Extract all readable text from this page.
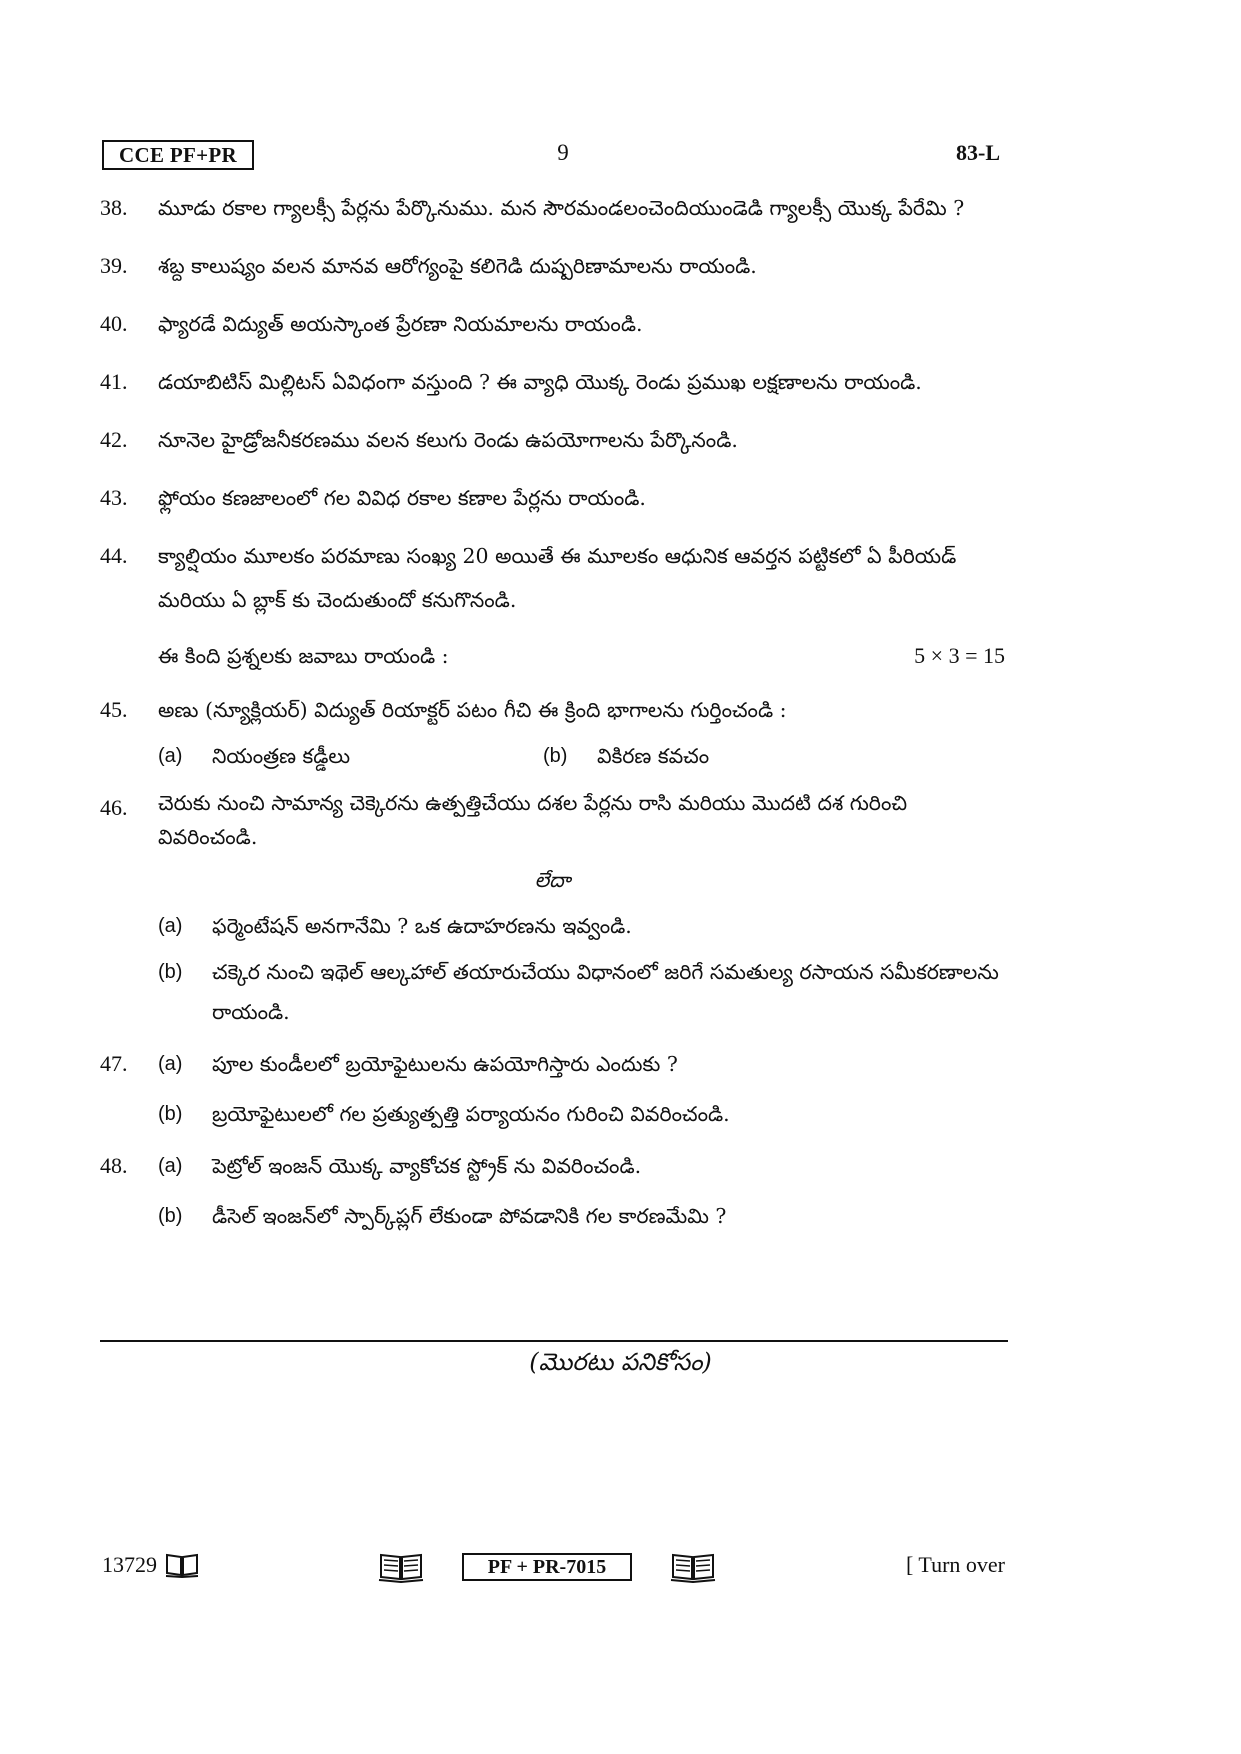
CCE PF+PR	9	83-L
38.	మూడు రకాల గ్యాలక్సీ పేర్లను పేర్కొనుము. మన సౌరమండలంచెందియుండెడి గ్యాలక్సీ యొక్క పేరేమి ?
39.	శబ్ద కాలుష్యం వలన మానవ ఆరోగ్యంపై కలిగెడి దుష్పరిణామాలను రాయండి.
40.	ఫ్యారడే విద్యుత్ అయస్కాంత ప్రేరణా నియమాలను రాయండి.
41.	డయాబిటిస్ మిల్లిటస్ ఏవిధంగా వస్తుంది ? ఈ వ్యాధి యొక్క రెండు ప్రముఖ లక్షణాలను రాయండి.
42.	నూనెల హైడ్రోజనీకరణము వలన కలుగు రెండు ఉపయోగాలను పేర్కొనండి.
43.	ఫ్లోయం కణజాలంలో గల వివిధ రకాల కణాల పేర్లను రాయండి.
44.	క్యాల్షియం మూలకం పరమాణు సంఖ్య 20 అయితే ఈ మూలకం ఆధునిక ఆవర్తన పట్టికలో ఏ పీరియడ్ మరియు ఏ బ్లాక్ కు చెందుతుందో కనుగొనండి.
ఈ కింది ప్రశ్నలకు జవాబు రాయండి :	5 × 3 = 15
45.	అణు (న్యూక్లియర్) విద్యుత్ రియాక్టర్ పటం గీచి ఈ క్రింది భాగాలను గుర్తించండి :
(a)	నియంత్రణ కడ్డీలు	(b)	వికిరణ కవచం
46.	చెరుకు నుంచి సామాన్య చెక్కెరను ఉత్పత్తిచేయు దశల పేర్లను రాసి మరియు మొదటి దశ గురించి వివరించండి.
లేదా
(a)	ఫర్మెంటేషన్ అనగానేమి ? ఒక ఉదాహరణను ఇవ్వండి.
(b)	చక్కెర నుంచి ఇథెల్ ఆల్కహాల్ తయారుచేయు విధానంలో జరిగే సమతుల్య రసాయన సమీకరణాలను రాయండి.
47.	(a)	పూల కుండీలలో బ్రయోఫైటులను ఉపయోగిస్తారు ఎందుకు ?
(b)	బ్రయోఫైటులలో గల ప్రత్యుత్పత్తి పర్యాయనం గురించి వివరించండి.
48.	(a)	పెట్రోల్ ఇంజన్ యొక్క వ్యాకోచక స్ట్రోక్ ను వివరించండి.
(b)	డీసెల్ ఇంజన్‌లో స్పార్క్‌ప్లగ్ లేకుండా పోవడానికి గల కారణమేమి ?
(మొరటు పనికోసం)
13729	PF + PR-7015	[ Turn over
